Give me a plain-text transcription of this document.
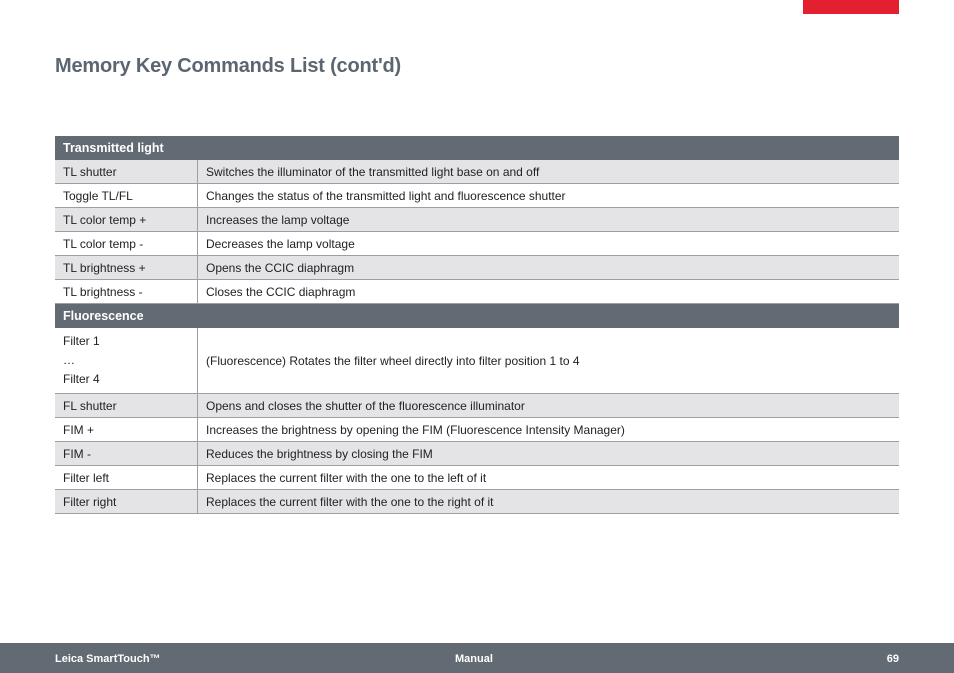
Memory Key Commands List (cont'd)
Transmitted light	
TL shutter	Switches the illuminator of the transmitted light base on and off
Toggle TL/FL	Changes the status of the transmitted light and fluorescence shutter
TL color temp +	Increases the lamp voltage
TL color temp -	Decreases the lamp voltage
TL brightness +	Opens the CCIC diaphragm
TL brightness -	Closes the CCIC diaphragm
Fluorescence	

Filter 1
…
Filter 4	(Fluorescence) Rotates the filter wheel directly into filter position 1 to 4
FL shutter	Opens and closes the shutter of the fluorescence illuminator
FIM +	Increases the brightness by opening the FIM (Fluorescence Intensity Manager)
FIM -	Reduces the brightness by closing the FIM
Filter left	Replaces the current filter with the one to the left of it
Filter right	Replaces the current filter with the one to the right of it
Leica SmartTouch™	Manual	69
